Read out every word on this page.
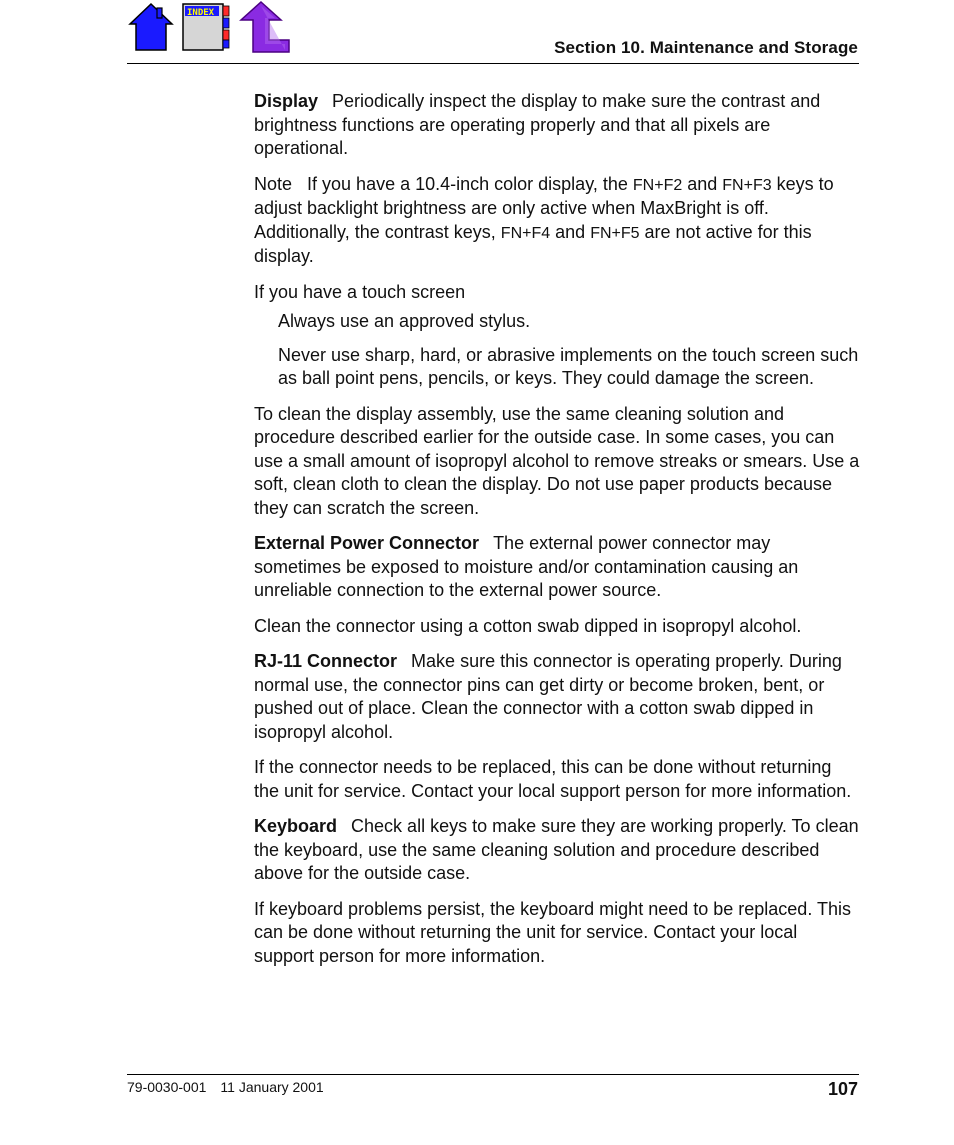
INDEX
Section 10. Maintenance and Storage

Display Periodically inspect the display to make sure the contrast and brightness functions are operating properly and that all pixels are operational.

Note If you have a 10.4-inch color display, the FN+F2 and FN+F3 keys to adjust backlight brightness are only active when MaxBright is off. Additionally, the contrast keys, FN+F4 and FN+F5 are not active for this display.

If you have a touch screen

Always use an approved stylus.

Never use sharp, hard, or abrasive implements on the touch screen such as ball point pens, pencils, or keys. They could damage the screen.

To clean the display assembly, use the same cleaning solution and procedure described earlier for the outside case. In some cases, you can use a small amount of isopropyl alcohol to remove streaks or smears. Use a soft, clean cloth to clean the display. Do not use paper products because they can scratch the screen.

External Power Connector The external power connector may sometimes be exposed to moisture and/or contamination causing an unreliable connection to the external power source.

Clean the connector using a cotton swab dipped in isopropyl alcohol.

RJ-11 Connector Make sure this connector is operating properly. During normal use, the connector pins can get dirty or become broken, bent, or pushed out of place. Clean the connector with a cotton swab dipped in isopropyl alcohol.

If the connector needs to be replaced, this can be done without returning the unit for service. Contact your local support person for more information.

Keyboard Check all keys to make sure they are working properly. To clean the keyboard, use the same cleaning solution and procedure described above for the outside case.

If keyboard problems persist, the keyboard might need to be replaced. This can be done without returning the unit for service. Contact your local support person for more information.

79-0030-001 11 January 2001	107
